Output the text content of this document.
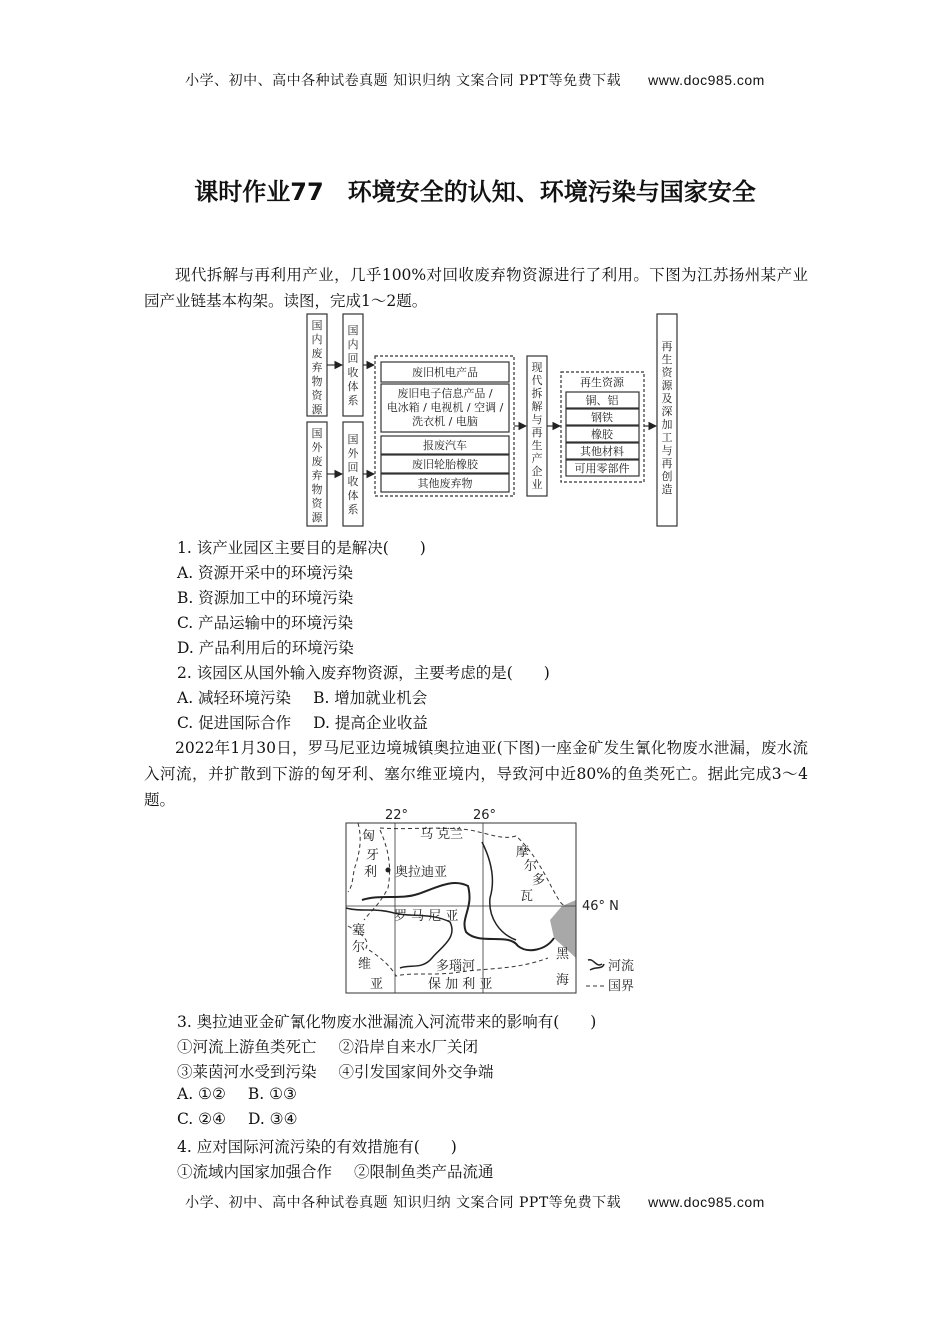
小学、初中、高中各种试卷真题 知识归纳 文案合同 PPT等免费下载 www.doc985.com
课时作业77　环境安全的认知、环境污染与国家安全
现代拆解与再利用产业，几乎100%对回收废弃物资源进行了利用。下图为江苏扬州某产业园产业链基本构架。读图，完成1～2题。
国
内
废
弃
物
资
源
国
外
废
弃
物
资
源
国
内
回
收
体
系
国
外
回
收
体
系
废旧机电产品
废旧电子信息产品 /
电冰箱 / 电视机 / 空调 /
洗衣机 / 电脑
报废汽车
废旧轮胎橡胶
其他废弃物
现
代
拆
解
与
再
生
产
企
业
再生资源
铜、铝
钢铁
橡胶
其他材料
可用零部件
再
生
资
源
及
深
加
工
与
再
创
造
1. 该产业园区主要目的是解决(　　)
A. 资源开采中的环境污染
B. 资源加工中的环境污染
C. 产品运输中的环境污染
D. 产品利用后的环境污染
2. 该园区从国外输入废弃物资源，主要考虑的是(　　)
A. 减轻环境污染 B. 增加就业机会
C. 促进国际合作 D. 提高企业收益
2022年1月30日，罗马尼亚边境城镇奥拉迪亚(下图)一座金矿发生氰化物废水泄漏，废水流入河流，并扩散到下游的匈牙利、塞尔维亚境内，导致河中近80%的鱼类死亡。据此完成3～4题。
22°	26°
46° N
匈
牙
利
乌 克兰
奥拉迪亚
摩
尔
多
瓦
罗 马 尼 亚
塞
尔
维
亚
多瑙河
保 加 利 亚
黑
海
河流
国界
3. 奥拉迪亚金矿氰化物废水泄漏流入河流带来的影响有(　　)
①河流上游鱼类死亡 ②沿岸自来水厂关闭
③莱茵河水受到污染 ④引发国家间外交争端
A. ①② B. ①③
C. ②④ D. ③④
4. 应对国际河流污染的有效措施有(　　)
①流域内国家加强合作 ②限制鱼类产品流通
小学、初中、高中各种试卷真题 知识归纳 文案合同 PPT等免费下载 www.doc985.com
